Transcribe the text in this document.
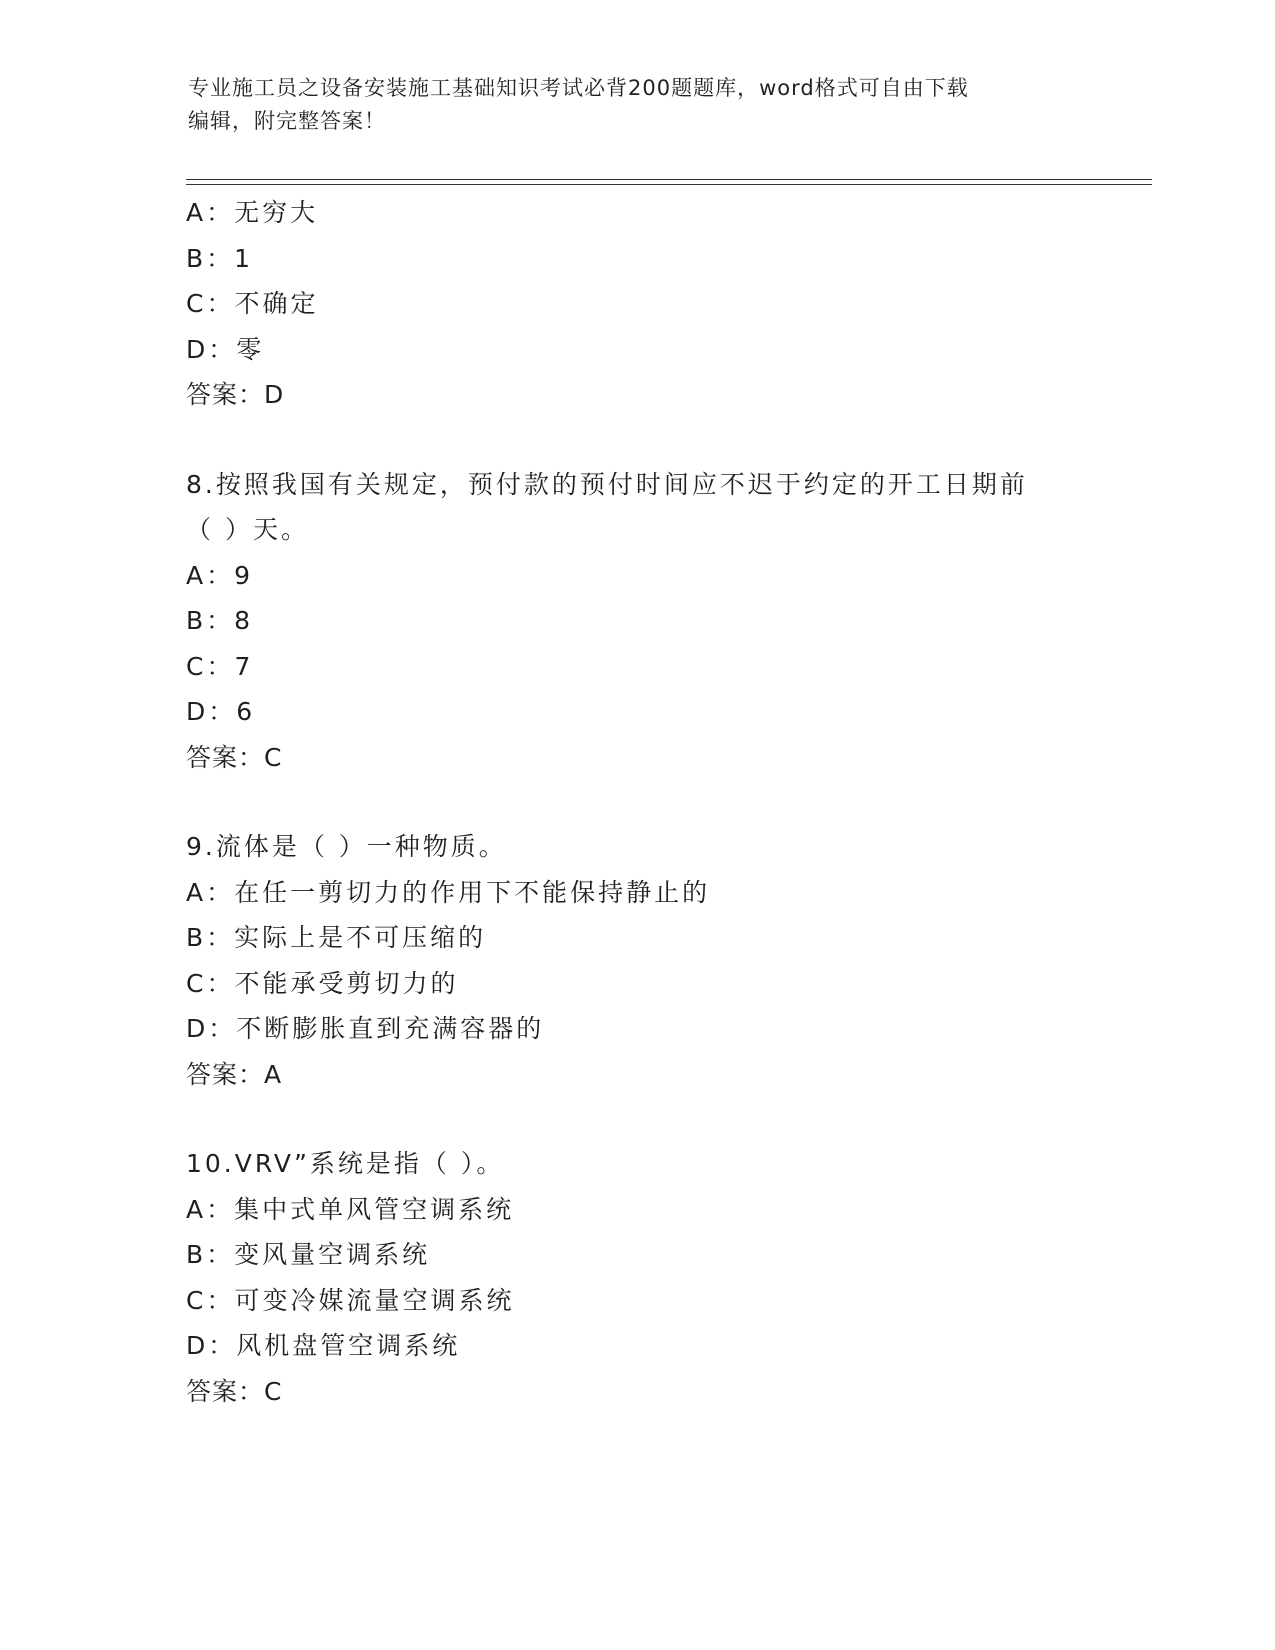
专业施工员之设备安装施工基础知识考试必背200题题库，word格式可自由下载
编辑，附完整答案！
A：无穷大
B：1
C：不确定
D：零
答案：D
8.按照我国有关规定，预付款的预付时间应不迟于约定的开工日期前
（ ）天。
A：9
B：8
C：7
D：6
答案：C
9.流体是（ ）一种物质。
A：在任一剪切力的作用下不能保持静止的
B：实际上是不可压缩的
C：不能承受剪切力的
D：不断膨胀直到充满容器的
答案：A
10.VRV”系统是指（ ）。
A：集中式单风管空调系统
B：变风量空调系统
C：可变冷媒流量空调系统
D：风机盘管空调系统
答案：C
